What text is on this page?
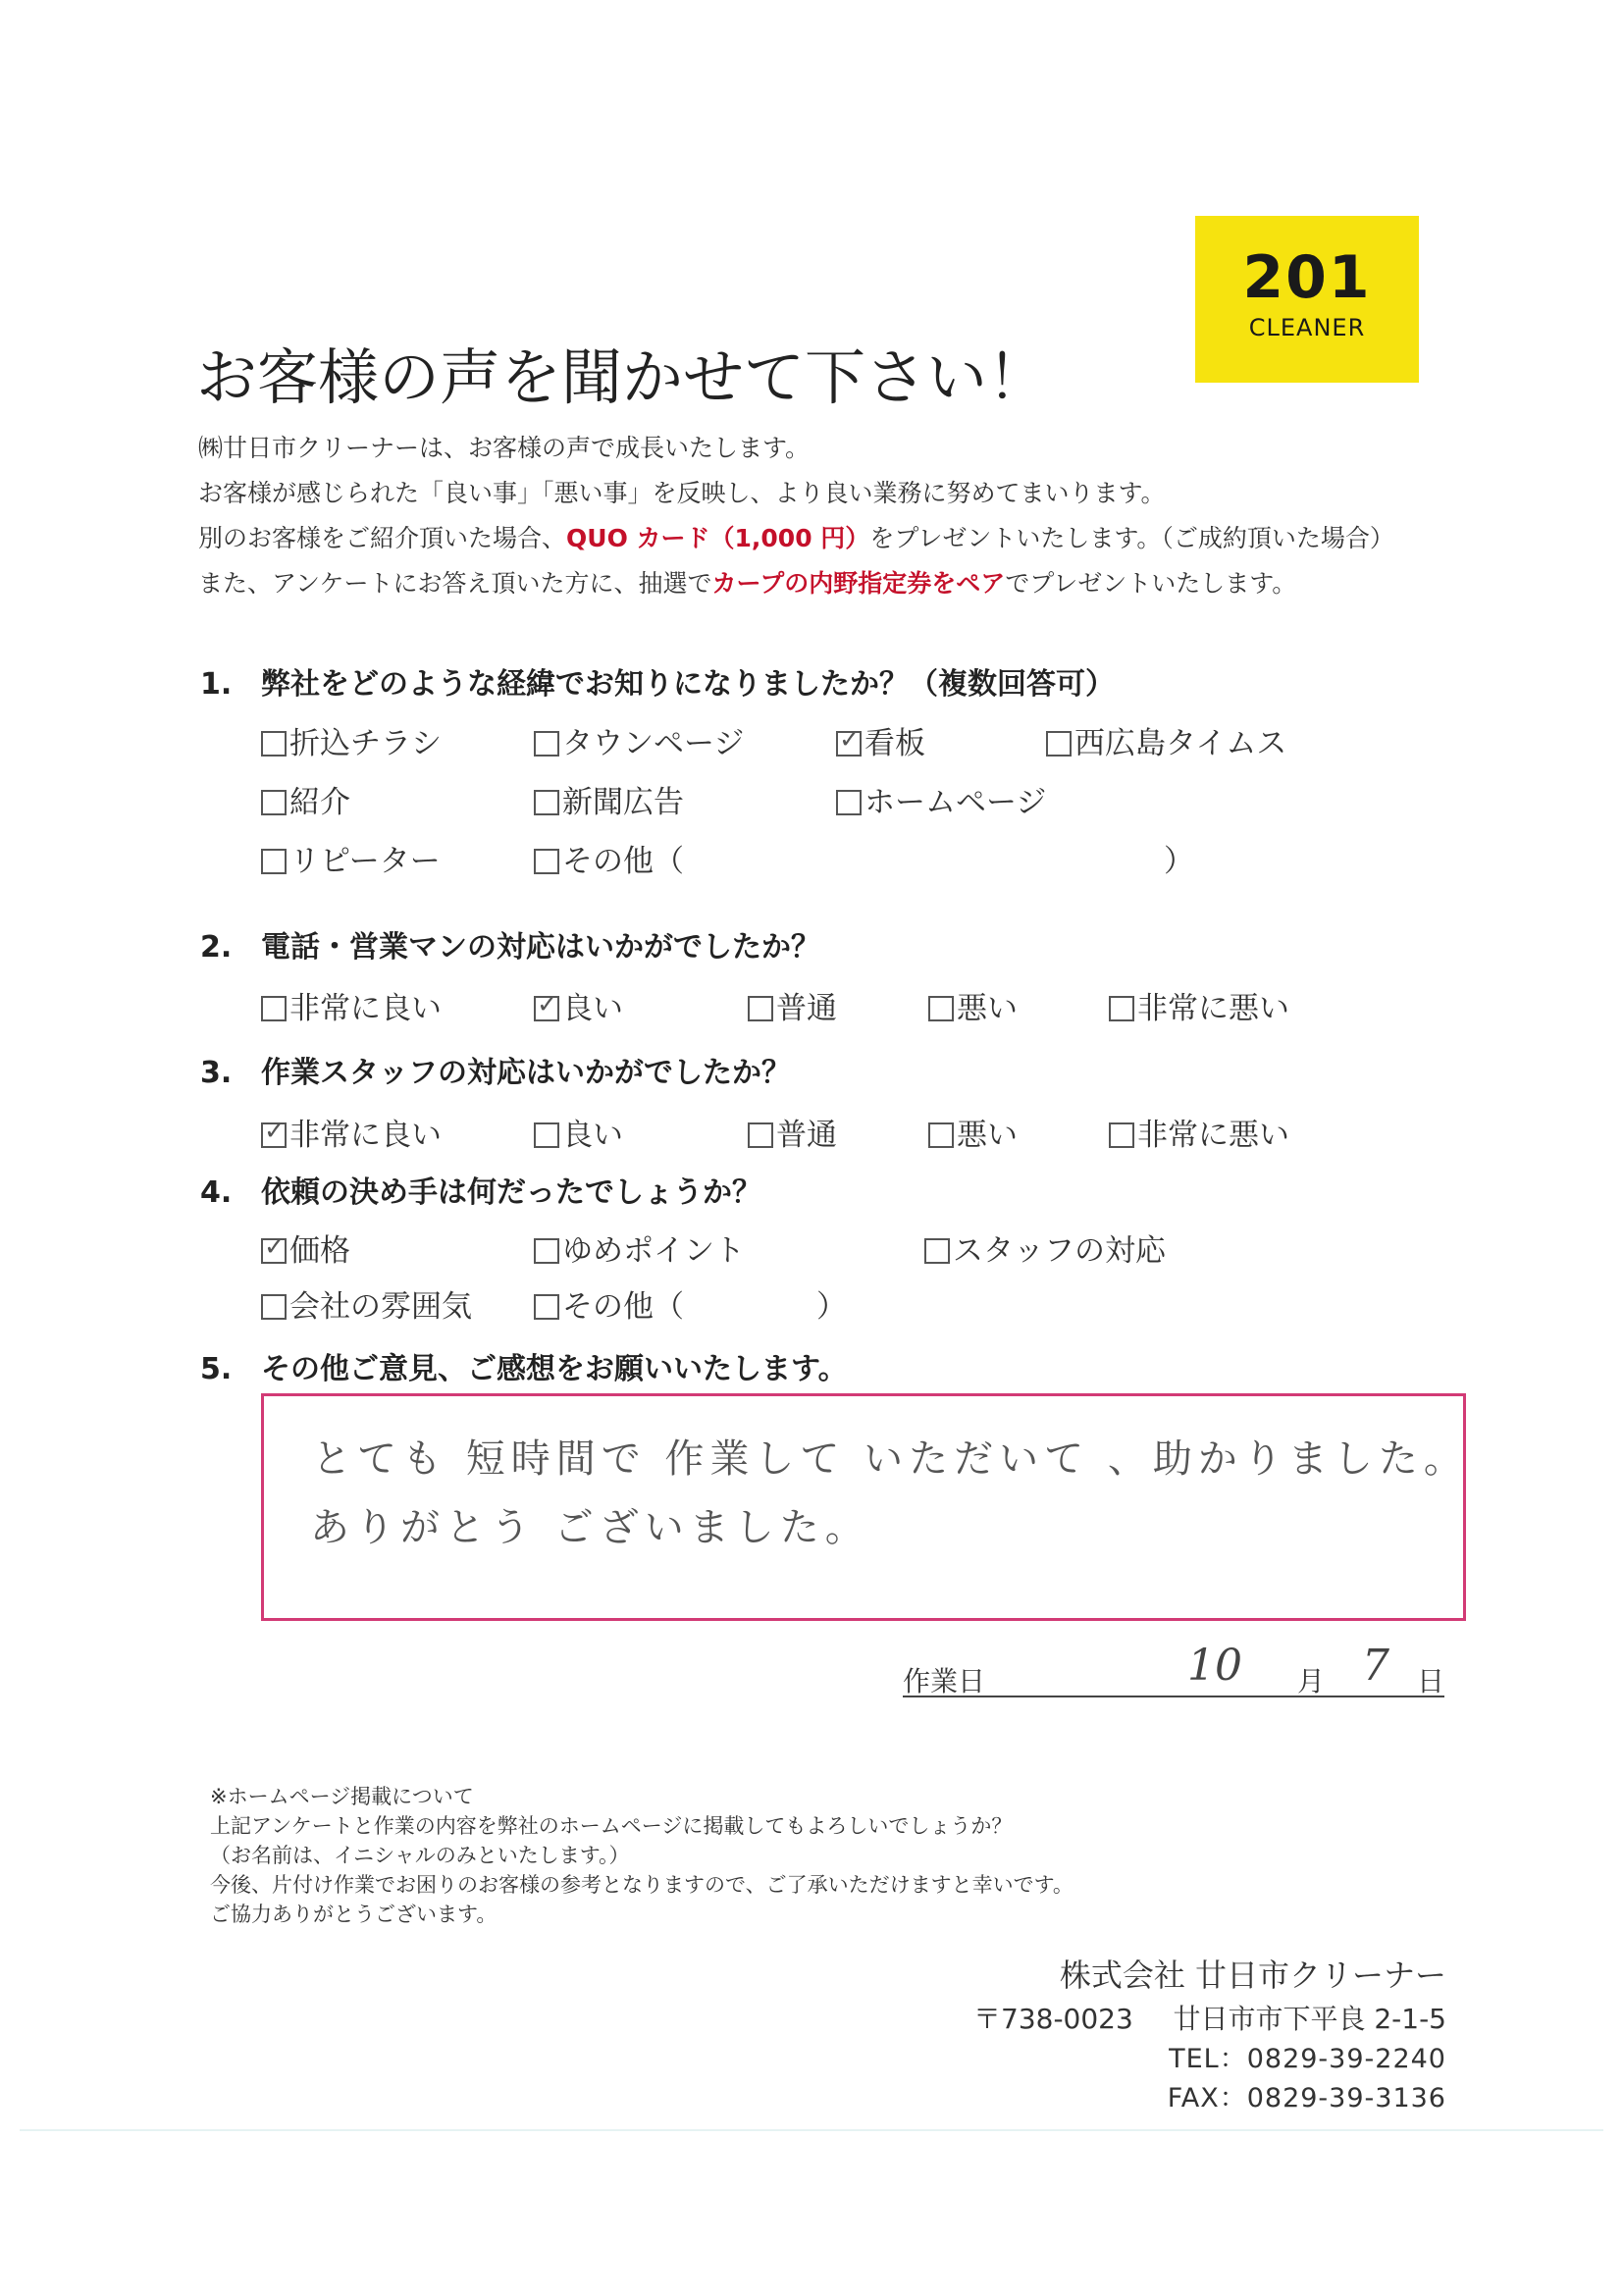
201
CLEANER
お客様の声を聞かせて下さい！
㈱廿日市クリーナーは、お客様の声で成長いたします。
お客様が感じられた「良い事」「悪い事」を反映し、より良い業務に努めてまいります。
別のお客様をご紹介頂いた場合、QUO カード（1,000 円）をプレゼントいたします。（ご成約頂いた場合）
また、アンケートにお答え頂いた方に、抽選でカープの内野指定券をペアでプレゼントいたします。
1. 弊社をどのような経緯でお知りになりましたか？（複数回答可）
折込チラシ	タウンページ ✓	看板	西広島タイムス
紹介	新聞広告	ホームページ
リピーター	その他（	）
2. 電話・営業マンの対応はいかがでしたか？
非常に良い ✓	良い	普通	悪い	非常に悪い
3. 作業スタッフの対応はいかがでしたか？
✓非常に良い	良い	普通	悪い	非常に悪い
4. 依頼の決め手は何だったでしょうか？
✓価格	ゆめポイント	スタッフの対応
会社の雰囲気	その他（	）
5. その他ご意見、ご感想をお願いいたします。
とても 短時間で 作業して いただいて 、助かりました。
ありがとう ございました。
作業日	10 月 7 日
※ホームページ掲載について
上記アンケートと作業の内容を弊社のホームページに掲載してもよろしいでしょうか？
（お名前は、イニシャルのみといたします。）
今後、片付け作業でお困りのお客様の参考となりますので、ご了承いただけますと幸いです。
ご協力ありがとうございます。
株式会社 廿日市クリーナー
〒738-0023 廿日市市下平良 2-1-5
TEL：0829-39-2240
FAX：0829-39-3136
